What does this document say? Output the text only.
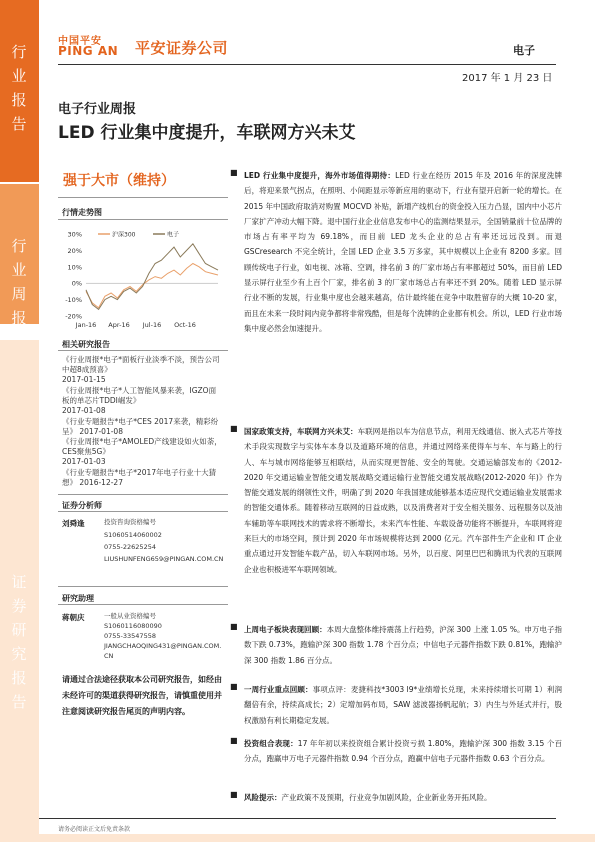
行
业
报
告
行
业
周
报
证
券
研
究
报
告
中国平安
PING AN 平安证券公司	电子
2017 年 1 月 23 日
电子行业周报
LED 行业集中度提升，车联网方兴未艾
强于大市（维持）
行情走势图
30%
20%
10%
0%
-10%
-20%
Jan-16 Apr-16 Jul-16 Oct-16
沪深300	电子
相关研究报告
《行业周报*电子*面板行业淡季不淡，预告公司中超8成预喜》
2017-01-15
《行业周报*电子*人工智能风暴来袭，IGZO面板的单芯片TDDI崛发》
2017-01-08
《行业专题报告*电子*CES 2017来袭，精彩纷呈》 2017-01-08
《行业周报*电子*AMOLED产线建设如火如荼，CES聚焦5G》
2017-01-03
《行业专题报告*电子*2017年电子行业十大猜想》 2016-12-27
证券分析师
刘舜逢	投资咨询资格编号
S1060514060002
0755-22625254
LIUSHUNFENG659@PINGAN.COM.CN
研究助理
蒋朝庆	一般从业资格编号
S1060116080090
0755-33547558
JIANGCHAOQING431@PINGAN.COM.CN
请通过合法途径获取本公司研究报告，如经由未经许可的渠道获得研究报告，请慎重使用并注意阅读研究报告尾页的声明内容。
■ LED 行业集中度提升，海外市场值得期待：LED 行业在经历 2015 年及 2016 年的深度洗牌后，将迎来景气拐点，在照明、小间距显示等新应用的驱动下，行业有望开启新一轮的增长。在 2015 年中国政府取消对购置 MOCVD 补贴，新增产线机台的资金投入压力凸显，国内中小芯片厂家扩产冲动大幅下降。退中国行业企业信息发布中心的监测结果显示，全国销量前十位品牌的市场占有率平均为 69.18%，而目前 LED 龙头企业的总占有率还远远没到。而退 GSCresearch 不完全统计，全国 LED 企业 3.5 万多家，其中规模以上企业有 8200 多家。回顾传统电子行业，如电视、冰箱、空调，排名前 3 的厂家市场占有率都超过 50%，而目前 LED 显示屏行业至少有上百个厂家，排名前 3 的厂家市场总占有率还不到 20%。随着 LED 显示屏行业不断的发展，行业集中度也会越来越高，估计最终能在竞争中取胜留存的大概 10-20 家，而且在未来一段时间内竞争都将非常残酷，但是每个洗牌的企业都有机会。所以，LED 行业市场集中度必然会加速提升。
■ 国家政策支持，车联网方兴未艾：车联网是指以车为信息节点，利用无线通信、嵌入式芯片等技术手段实现数字与实体车本身以及道路环境的信息，并通过网络来使得车与车、车与路上的行人、车与城市网络能够互相联结，从而实现更智能、安全的驾驶。交通运输部发布的《2012-2020 年交通运输业智能交通发展战略交通运输行业智能交通发展战略(2012-2020 年)》作为智能交通发展的纲领性文件，明确了到 2020 年我国建成能够基本适应现代交通运输业发展需求的智能交通体系。随着移动互联网的日益成熟，以及消费者对于安全相关服务、远程服务以及油车辅助等车联网技术的需求将不断增长，未来汽车性能、车载设备功能将不断提升，车联网将迎来巨大的市场空间，预计到 2020 年市场规模将达到 2000 亿元。汽车部件生产企业和 IT 企业重点通过开发智能车载产品，切入车联网市场。另外，以百度、阿里巴巴和腾讯为代表的互联网企业也积极进军车联网领域。
■ 上周电子板块表现回顾：本周大盘整体维持震荡上行趋势，沪深 300 上涨 1.05 %。申万电子指数下跌 0.73%，跑输沪深 300 指数 1.78 个百分点；中信电子元器件指数下跌 0.81%，跑输沪深 300 指数 1.86 百分点。
■ 一周行业重点回顾：事项点评：麦捷科技*3003 l9*业绩增长兑现，未来持续增长可期 1）利润翻倍有余，持续高成长；2）定增加码布局，SAW 滤波器扬帆起航；3）内生与外延式并行，股权激励有利长期稳定发展。
■ 投资组合表现：17 年年初以来投资组合累计投资亏损 1.80%，跑输沪深 300 指数 3.15 个百分点，跑赢申万电子元器件指数 0.94 个百分点，跑赢中信电子元器件指数 0.63 个百分点。
■ 风险提示：产业政策不及预期，行业竞争加剧风险，企业新业务开拓风险。
请务必阅读正文后免责条款
